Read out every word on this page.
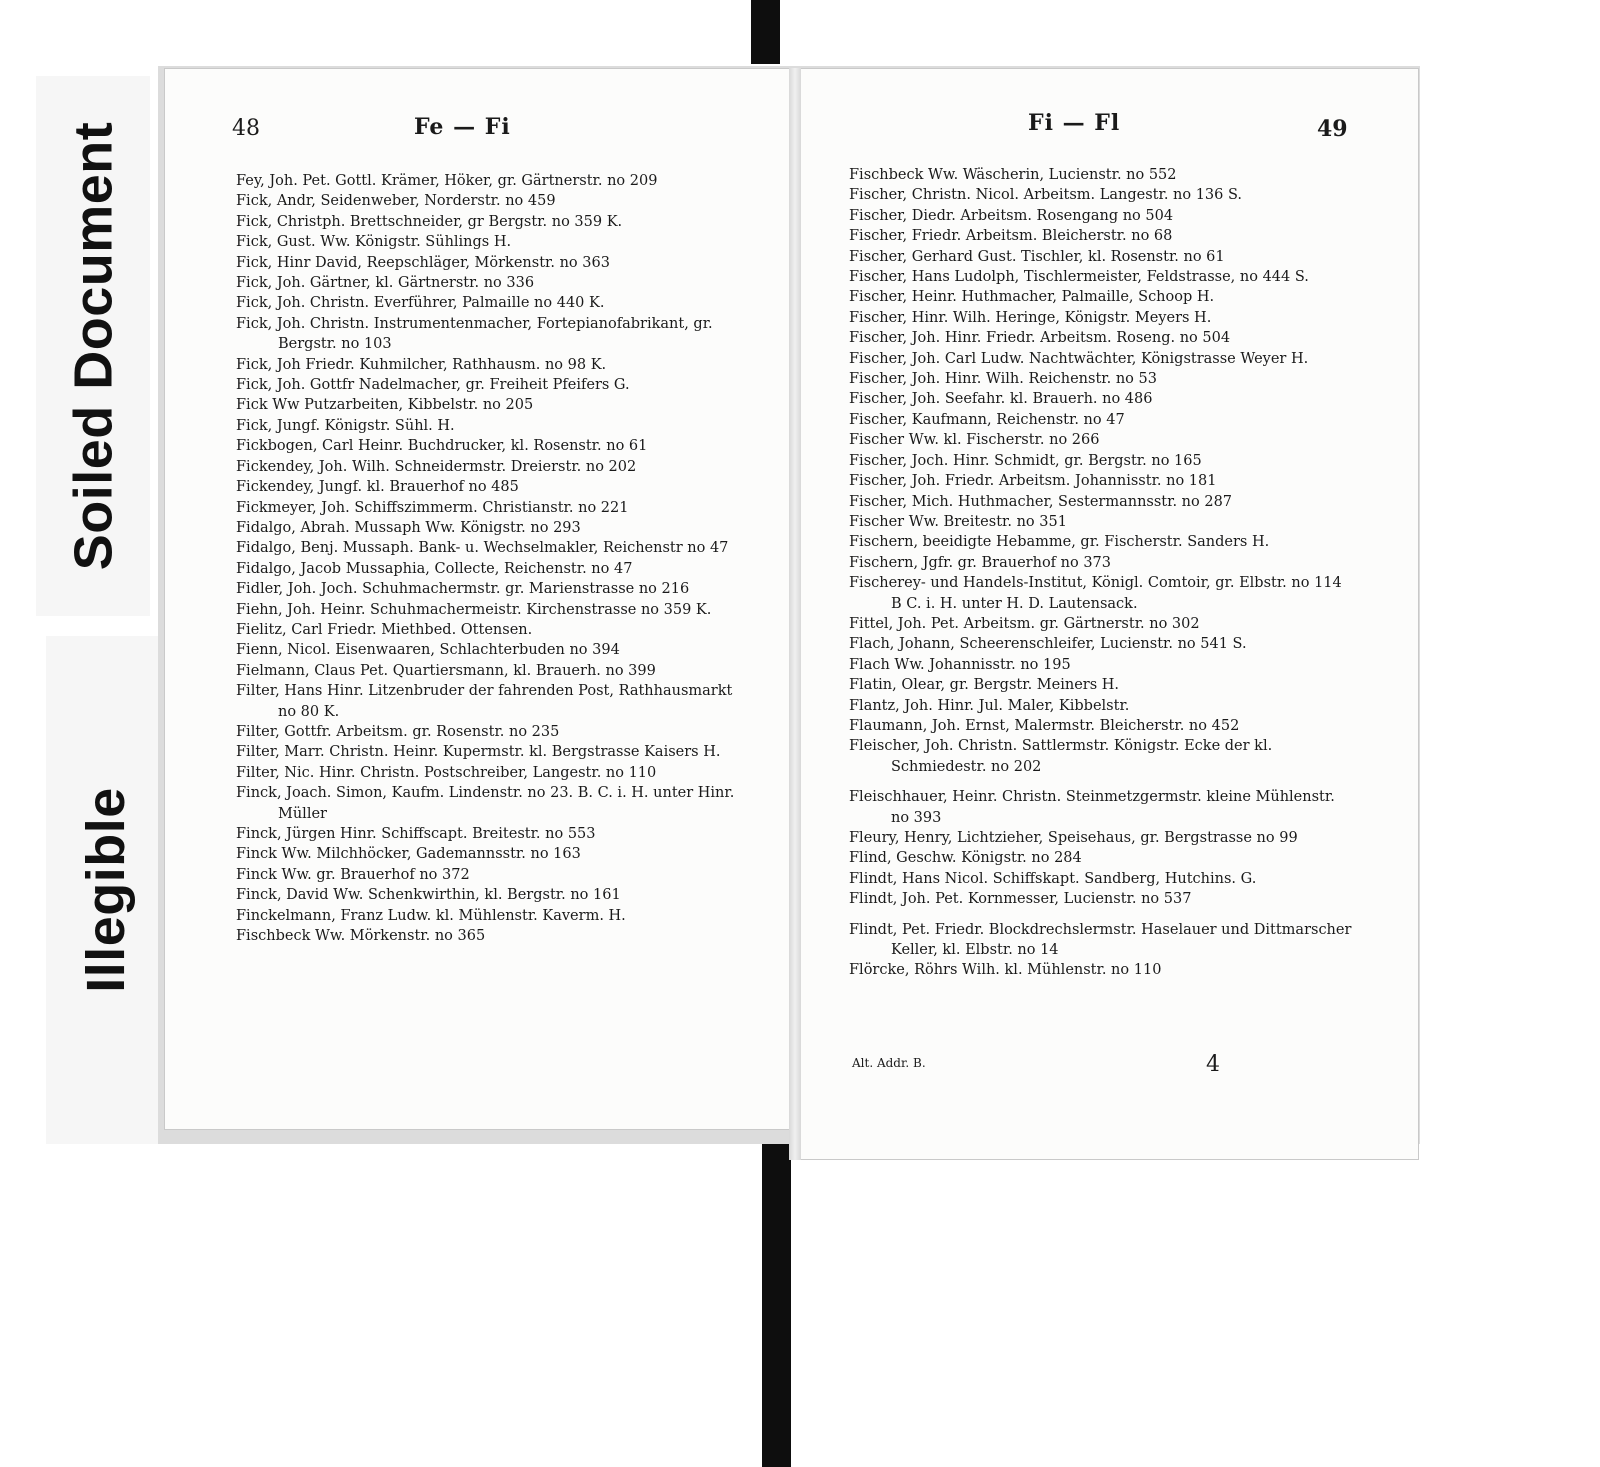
Soiled Document
Illegible
48	Fe — Fi	Fi — Fl	49
Fey, Joh. Pet. Gottl. Krämer, Höker, gr. Gärtnerstr. no 209
Fick, Andr, Seidenweber, Norderstr. no 459
Fick, Christph. Brettschneider, gr Bergstr. no 359 K.
Fick, Gust. Ww. Königstr. Sühlings H.
Fick, Hinr David, Reepschläger, Mörkenstr. no 363
Fick, Joh. Gärtner, kl. Gärtnerstr. no 336
Fick, Joh. Christn. Everführer, Palmaille no 440 K.
Fick, Joh. Christn. Instrumentenmacher, Fortepianofabrikant, gr. Bergstr. no 103
Fick, Joh Friedr. Kuhmilcher, Rathhausm. no 98 K.
Fick, Joh. Gottfr Nadelmacher, gr. Freiheit Pfeifers G.
Fick Ww Putzarbeiten, Kibbelstr. no 205
Fick, Jungf. Königstr. Sühl. H.
Fickbogen, Carl Heinr. Buchdrucker, kl. Rosenstr. no 61
Fickendey, Joh. Wilh. Schneidermstr. Dreierstr. no 202
Fickendey, Jungf. kl. Brauerhof no 485
Fickmeyer, Joh. Schiffszimmerm. Christianstr. no 221
Fidalgo, Abrah. Mussaph Ww. Königstr. no 293
Fidalgo, Benj. Mussaph. Bank- u. Wechselmakler, Reichenstr no 47
Fidalgo, Jacob Mussaphia, Collecte, Reichenstr. no 47
Fidler, Joh. Joch. Schuhmachermstr. gr. Marienstrasse no 216
Fiehn, Joh. Heinr. Schuhmachermeistr. Kirchenstrasse no 359 K.
Fielitz, Carl Friedr. Miethbed. Ottensen.
Fienn, Nicol. Eisenwaaren, Schlachterbuden no 394
Fielmann, Claus Pet. Quartiersmann, kl. Brauerh. no 399
Filter, Hans Hinr. Litzenbruder der fahrenden Post, Rathhausmarkt no 80 K.
Filter, Gottfr. Arbeitsm. gr. Rosenstr. no 235
Filter, Marr. Christn. Heinr. Kupermstr. kl. Bergstrasse Kaisers H.
Filter, Nic. Hinr. Christn. Postschreiber, Langestr. no 110
Finck, Joach. Simon, Kaufm. Lindenstr. no 23. B. C. i. H. unter Hinr. Müller
Finck, Jürgen Hinr. Schiffscapt. Breitestr. no 553
Finck Ww. Milchhöcker, Gademannsstr. no 163
Finck Ww. gr. Brauerhof no 372
Finck, David Ww. Schenkwirthin, kl. Bergstr. no 161
Finckelmann, Franz Ludw. kl. Mühlenstr. Kaverm. H.
Fischbeck Ww. Mörkenstr. no 365
Fischbeck Ww. Wäscherin, Lucienstr. no 552
Fischer, Christn. Nicol. Arbeitsm. Langestr. no 136 S.
Fischer, Diedr. Arbeitsm. Rosengang no 504
Fischer, Friedr. Arbeitsm. Bleicherstr. no 68
Fischer, Gerhard Gust. Tischler, kl. Rosenstr. no 61
Fischer, Hans Ludolph, Tischlermeister, Feldstrasse, no 444 S.
Fischer, Heinr. Huthmacher, Palmaille, Schoop H.
Fischer, Hinr. Wilh. Heringe, Königstr. Meyers H.
Fischer, Joh. Hinr. Friedr. Arbeitsm. Roseng. no 504
Fischer, Joh. Carl Ludw. Nachtwächter, Königstrasse Weyer H.
Fischer, Joh. Hinr. Wilh. Reichenstr. no 53
Fischer, Joh. Seefahr. kl. Brauerh. no 486
Fischer, Kaufmann, Reichenstr. no 47
Fischer Ww. kl. Fischerstr. no 266
Fischer, Joch. Hinr. Schmidt, gr. Bergstr. no 165
Fischer, Joh. Friedr. Arbeitsm. Johannisstr. no 181
Fischer, Mich. Huthmacher, Sestermannsstr. no 287
Fischer Ww. Breitestr. no 351
Fischern, beeidigte Hebamme, gr. Fischerstr. Sanders H.
Fischern, Jgfr. gr. Brauerhof no 373
Fischerey- und Handels-Institut, Königl. Comtoir, gr. Elbstr. no 114 B C. i. H. unter H. D. Lautensack.
Fittel, Joh. Pet. Arbeitsm. gr. Gärtnerstr. no 302
Flach, Johann, Scheerenschleifer, Lucienstr. no 541 S.
Flach Ww. Johannisstr. no 195
Flatin, Olear, gr. Bergstr. Meiners H.
Flantz, Joh. Hinr. Jul. Maler, Kibbelstr.
Flaumann, Joh. Ernst, Malermstr. Bleicherstr. no 452
Fleischer, Joh. Christn. Sattlermstr. Königstr. Ecke der kl. Schmiedestr. no 202
Fleischhauer, Heinr. Christn. Steinmetzgermstr. kleine Mühlenstr. no 393
Fleury, Henry, Lichtzieher, Speisehaus, gr. Bergstrasse no 99
Flind, Geschw. Königstr. no 284
Flindt, Hans Nicol. Schiffskapt. Sandberg, Hutchins. G.
Flindt, Joh. Pet. Kornmesser, Lucienstr. no 537
Flindt, Pet. Friedr. Blockdrechslermstr. Haselauer und Dittmarscher Keller, kl. Elbstr. no 14
Flörcke, Röhrs Wilh. kl. Mühlenstr. no 110
Alt. Addr. B.	4
